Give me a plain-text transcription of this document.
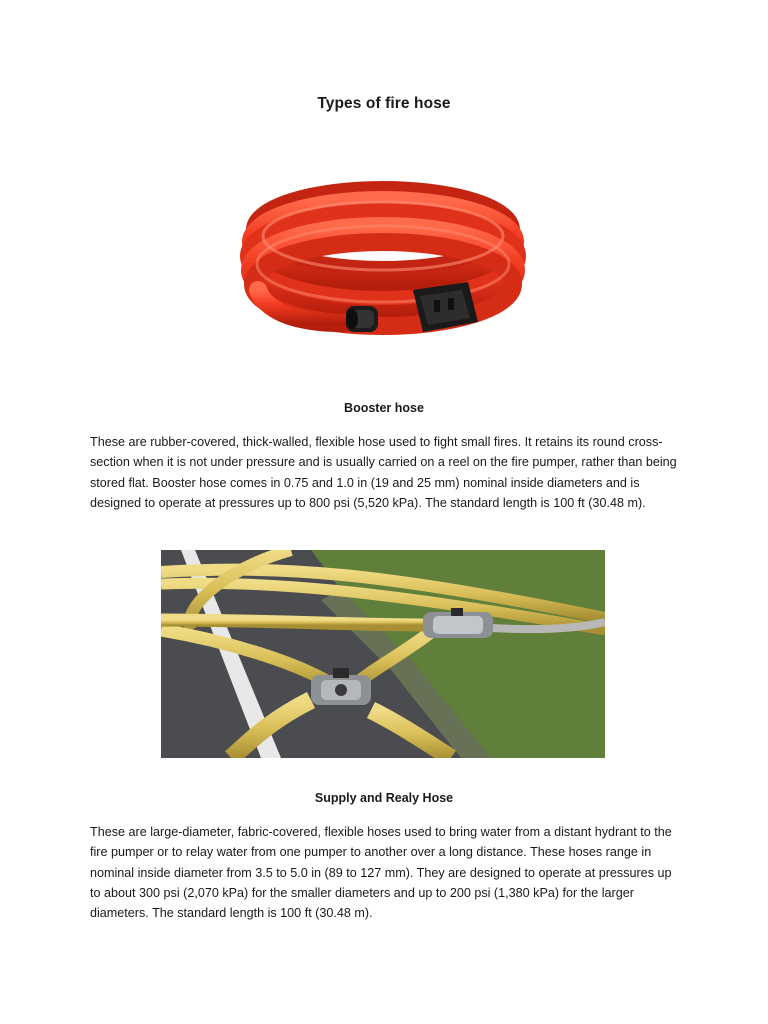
Types of fire hose
Booster hose

These are rubber-covered, thick-walled, flexible hose used to fight small fires. It retains its round cross-section when it is not under pressure and is usually carried on a reel on the fire pumper, rather than being stored flat. Booster hose comes in 0.75 and 1.0 in (19 and 25 mm) nominal inside diameters and is designed to operate at pressures up to 800 psi (5,520 kPa). The standard length is 100 ft (30.48 m).

Supply and Realy Hose

These are large-diameter, fabric-covered, flexible hoses used to bring water from a distant hydrant to the fire pumper or to relay water from one pumper to another over a long distance. These hoses range in nominal inside diameter from 3.5 to 5.0 in (89 to 127 mm). They are designed to operate at pressures up to about 300 psi (2,070 kPa) for the smaller diameters and up to 200 psi (1,380 kPa) for the larger diameters. The standard length is 100 ft (30.48 m).
